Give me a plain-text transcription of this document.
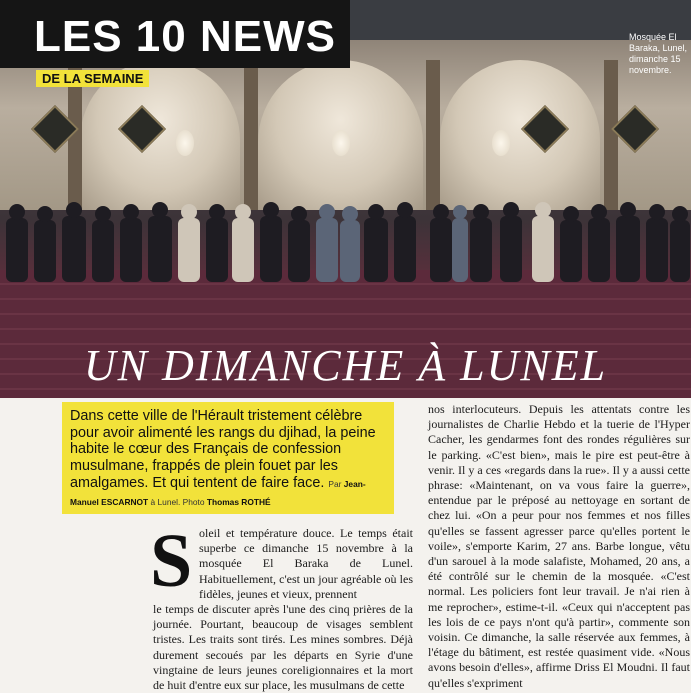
LES 10 NEWS
DE LA SEMAINE
Mosquée El Baraka, Lunel, dimanche 15 novembre.
UN DIMANCHE À LUNEL
Dans cette ville de l'Hérault tristement célèbre pour avoir alimenté les rangs du djihad, la peine habite le cœur des Français de confession musulmane, frappés de plein fouet par les amalgames. Et qui tentent de faire face. Par Jean-Manuel ESCARNOT à Lunel. Photo Thomas ROTHÉ
S oleil et température douce. Le temps était superbe ce dimanche 15 novembre à la mosquée El Baraka de Lunel. Habituellement, c'est un jour agréable où les fidèles, jeunes et vieux, prennent

le temps de discuter après l'une des cinq prières de la journée. Pourtant, beaucoup de visages semblent tristes. Les traits sont tirés. Les mines sombres. Déjà durement secoués par les départs en Syrie d'une vingtaine de leurs jeunes coreligionnaires et la mort de huit d'entre eux sur place, les musulmans de cette

nos interlocuteurs. Depuis les attentats contre les journalistes de Charlie Hebdo et la tuerie de l'Hyper Cacher, les gendarmes font des rondes régulières sur le parking. «C'est bien», mais le pire est peut-être à venir. Il y a ces «regards dans la rue». Il y a aussi cette phrase: «Maintenant, on va vous faire la guerre», entendue par le préposé au nettoyage en sortant de chez lui. «On a peur pour nos femmes et nos filles qu'elles se fassent agresser parce qu'elles portent le voile», s'emporte Karim, 27 ans. Barbe longue, vêtu d'un sarouel à la mode salafiste, Mohamed, 20 ans, a été contrôlé sur le chemin de la mosquée. «C'est normal. Les policiers font leur travail. Je n'ai rien à me reprocher», estime-t-il. «Ceux qui n'acceptent pas les lois de ce pays n'ont qu'à partir», commente son voisin. Ce dimanche, la salle réservée aux femmes, à l'étage du bâtiment, est restée quasiment vide. «Nous avons besoin d'elles», affirme Driss El Moudni. Il faut qu'elles s'expriment
